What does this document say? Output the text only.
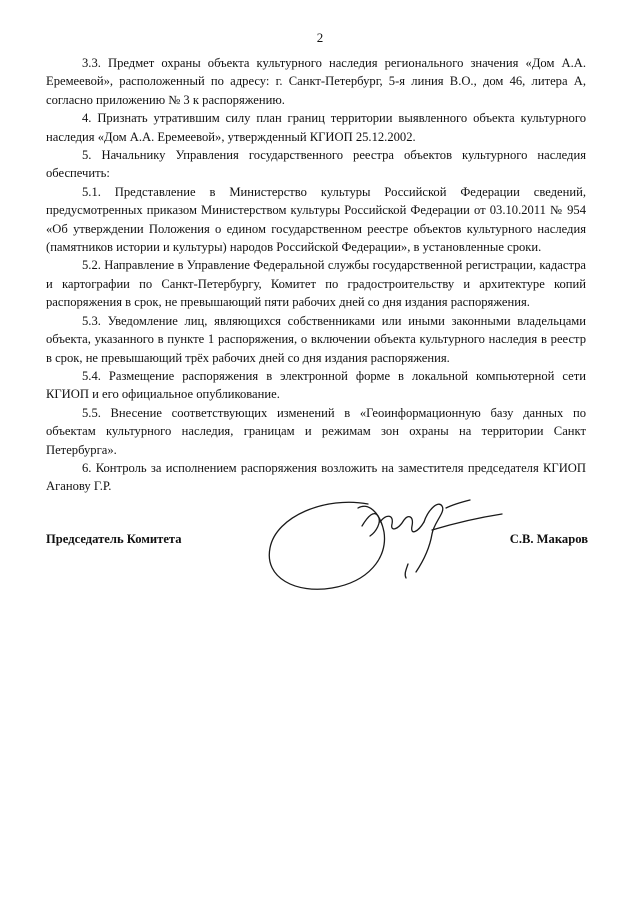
2

3.3. Предмет охраны объекта культурного наследия регионального значения «Дом А.А. Еремеевой», расположенный по адресу: г. Санкт-Петербург, 5-я линия В.О., дом 46, литера А, согласно приложению № 3 к распоряжению.

4. Признать утратившим силу план границ территории выявленного объекта культурного наследия «Дом А.А. Еремеевой», утвержденный КГИОП 25.12.2002.

5. Начальнику Управления государственного реестра объектов культурного наследия обеспечить:

5.1. Представление в Министерство культуры Российской Федерации сведений, предусмотренных приказом Министерством культуры Российской Федерации от 03.10.2011 № 954 «Об утверждении Положения о едином государственном реестре объектов культурного наследия (памятников истории и культуры) народов Российской Федерации», в установленные сроки.

5.2. Направление в Управление Федеральной службы государственной регистрации, кадастра и картографии по Санкт-Петербургу, Комитет по градостроительству и архитектуре копий распоряжения в срок, не превышающий пяти рабочих дней со дня издания распоряжения.

5.3. Уведомление лиц, являющихся собственниками или иными законными владельцами объекта, указанного в пункте 1 распоряжения, о включении объекта культурного наследия в реестр в срок, не превышающий трёх рабочих дней со дня издания распоряжения.

5.4. Размещение распоряжения в электронной форме в локальной компьютерной сети КГИОП и его официальное опубликование.

5.5. Внесение соответствующих изменений в «Геоинформационную базу данных по объектам культурного наследия, границам и режимам зон охраны на территории Санкт Петербурга».

6. Контроль за исполнением распоряжения возложить на заместителя председателя КГИОП Аганову Г.Р.

Председатель Комитета	С.В. Макаров
